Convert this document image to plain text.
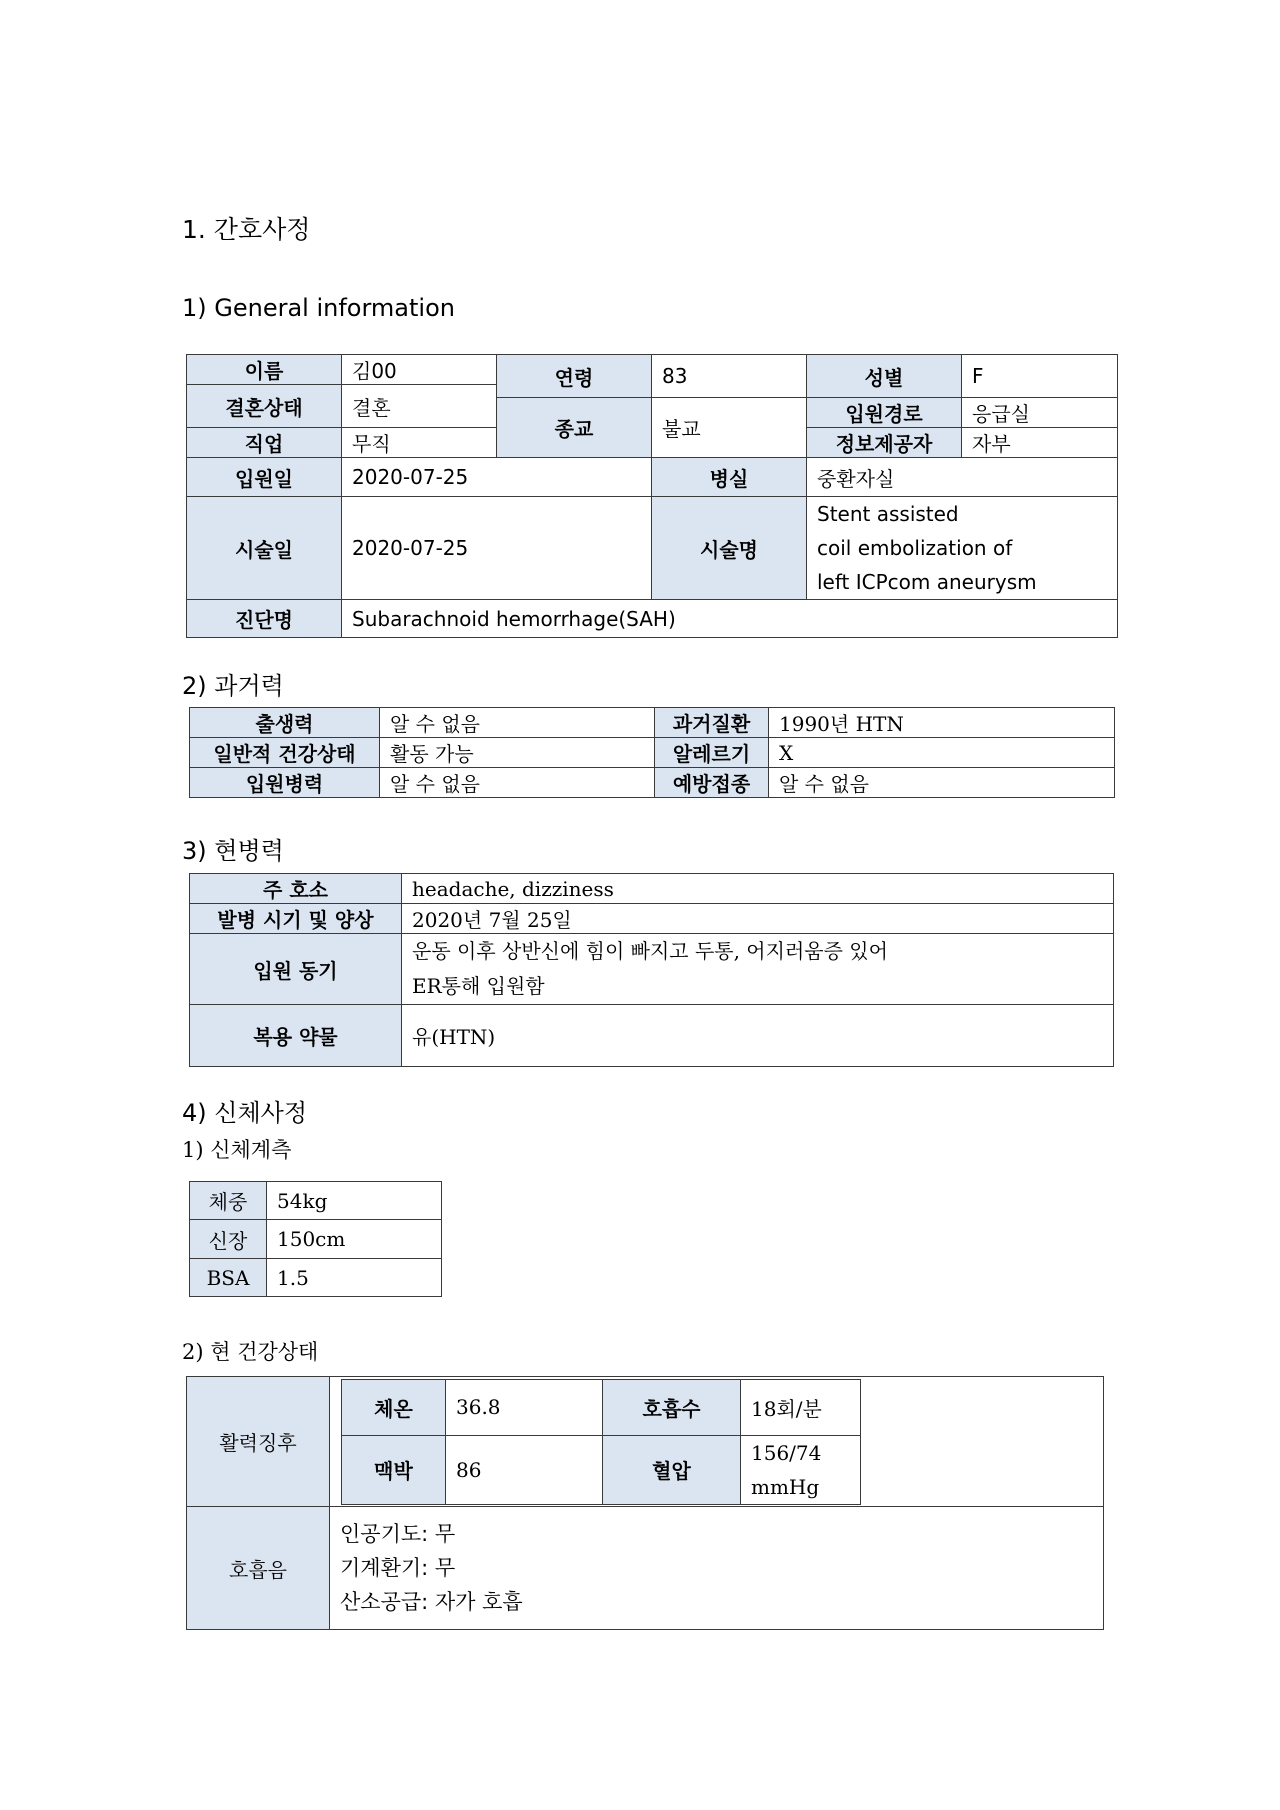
1. 간호사정
1) General information
이름	김00	연령	83	성별	F
결혼상태	결혼				
		종교	불교	입원경로	응급실
직업	무직			정보제공자	자부
입원일	2020-07-25		병실	중환자실	
시술일	2020-07-25		시술명	Stent assisted
coil embolization of
left ICPcom aneurysm	

진단명	Subarachnoid hemorrhage(SAH)				
2) 과거력
출생력	알 수 없음	과거질환	1990년 HTN
일반적 건강상태	활동 가능	알레르기	X
입원병력	알 수 없음	예방접종	알 수 없음
3) 현병력
주 호소	headache, dizziness
발병 시기 및 양상	2020년 7월 25일
입원 동기	운동 이후 상반신에 힘이 빠지고 두통, 어지러움증 있어
ER통해 입원함

복용 약물	유(HTN)
4) 신체사정
1) 신체계측
체중	54kg
신장	150cm
BSA	1.5
2) 현 건강상태
활력징후	
체온	36.8	호흡수	18회/분
맥박	86	혈압	
156/74
mmHg

호흡음	
인공기도: 무
기계환기: 무
산소공급: 자가 호흡
